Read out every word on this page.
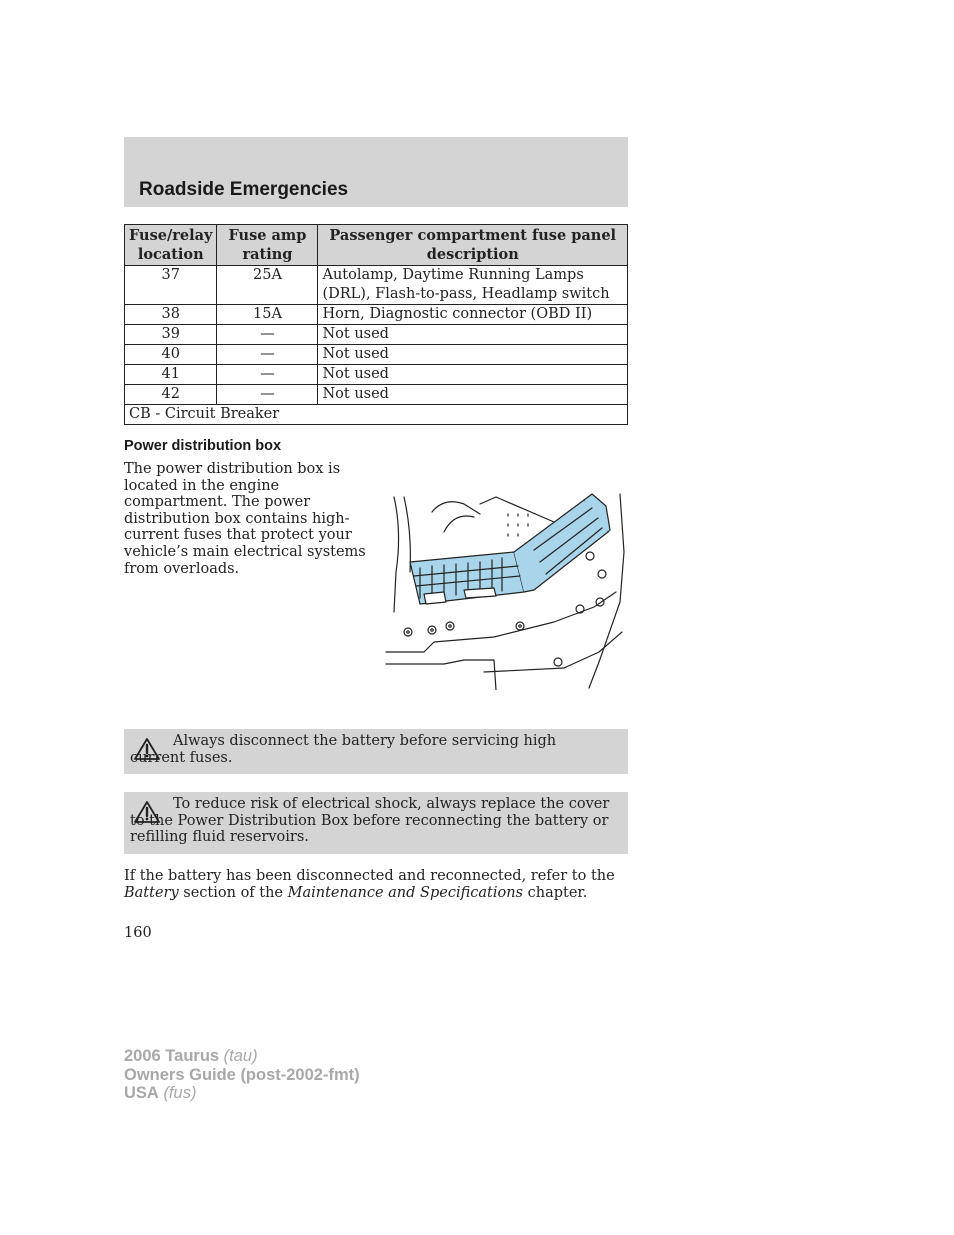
Roadside Emergencies
Fuse/relay location	Fuse amp rating	Passenger compartment fuse panel description
37	25A	Autolamp, Daytime Running Lamps (DRL), Flash-to-pass, Headlamp switch
38	15A	Horn, Diagnostic connector (OBD II)
39	—	Not used
40	—	Not used
41	—	Not used
42	—	Not used
CB - Circuit Breaker		
Power distribution box
The power distribution box is located in the engine compartment. The power distribution box contains high-current fuses that protect your vehicle’s main electrical systems from overloads.
Always disconnect the battery before servicing high current fuses.
To reduce risk of electrical shock, always replace the cover to the Power Distribution Box before reconnecting the battery or refilling fluid reservoirs.
If the battery has been disconnected and reconnected, refer to the Battery section of the Maintenance and Specifications chapter.
160
2006 Taurus (tau)
Owners Guide (post-2002-fmt)
USA (fus)
